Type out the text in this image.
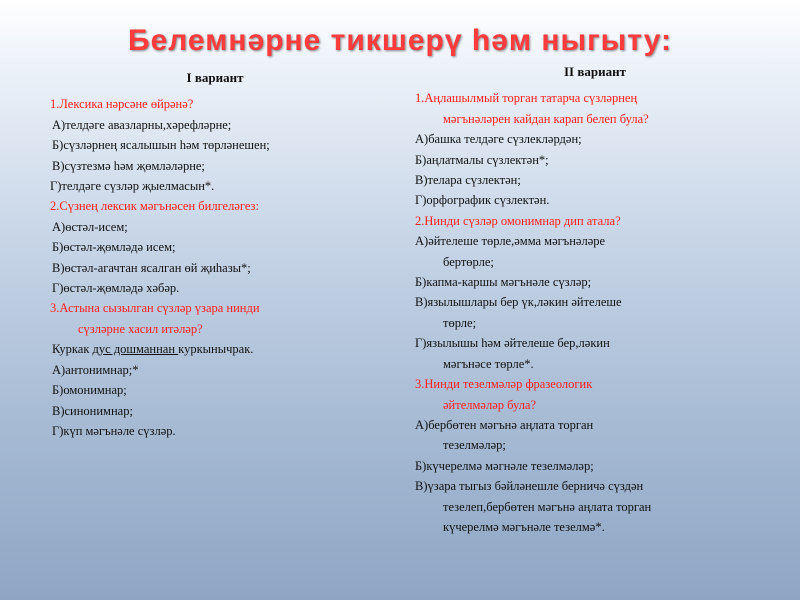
Белемнәрне тикшерү һәм ныгыту:
I вариант
1.Лексика нәрсәне өйрәнә?
А)телдәге авазларны,хәрефләрне;
Б)сүзләрнең ясалышын һәм төрләнешен;
В)сүзтезмә һәм җөмләләрне;
Г)телдәге сүзләр җыелмасын*.
2.Сүзнең лексик мәгънәсен билгеләгез:
А)өстәл-исем;
Б)өстәл-җөмләдә исем;
В)өстәл-агачтан ясалган өй җиһазы*;
Г)өстәл-җөмләдә хәбәр.
3.Астына сызылган сүзләр үзара нинди
сүзләрне хасил итәләр?
Куркак дус дошманнан куркынычрак.
А)антонимнар;*
Б)омонимнар;
В)синонимнар;
Г)күп мәгънәле сүзләр.
II вариант
1.Аңлашылмый торган татарча сүзләрнең
мәгънәләрен кайдан карап белеп була?
А)башка телдәге сүзлекләрдән;
Б)аңлатмалы сүзлектән*;
В)телара сүзлектән;
Г)орфографик сүзлектән.
2.Нинди сүзләр омонимнар дип атала?
А)әйтелеше төрле,әмма мәгънәләре
бертөрле;
Б)капма-каршы мәгънәле сүзләр;
В)язылышлары бер үк,ләкин әйтелеше
төрле;
Г)язылышы һәм әйтелеше бер,ләкин
мәгънәсе төрле*.
3.Нинди тезелмәләр фразеологик
әйтелмәләр була?
А)бербөтен мәгънә аңлата торган
тезелмәләр;
Б)күчерелмә мәгнәле тезелмәләр;
В)үзара тыгыз бәйләнешле берничә сүздән
тезелеп,бербөтен мәгънә аңлата торган
күчерелмә мәгънәле тезелмә*.
